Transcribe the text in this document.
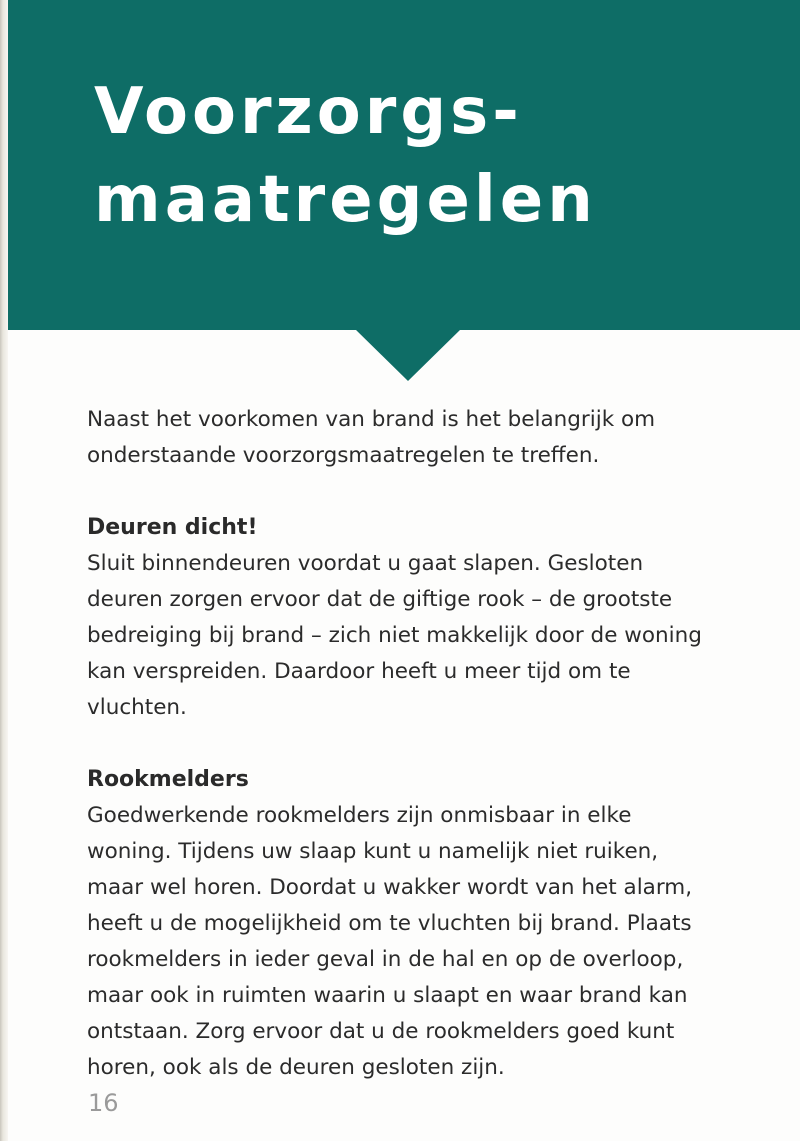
Voorzorgs-
maatregelen

Naast het voorkomen van brand is het belangrijk om
onderstaande voorzorgsmaatregelen te treffen.

Deuren dicht!

Sluit binnendeuren voordat u gaat slapen. Gesloten
deuren zorgen ervoor dat de giftige rook – de grootste
bedreiging bij brand – zich niet makkelijk door de woning
kan verspreiden. Daardoor heeft u meer tijd om te
vluchten.

Rookmelders

Goedwerkende rookmelders zijn onmisbaar in elke
woning. Tijdens uw slaap kunt u namelijk niet ruiken,
maar wel horen. Doordat u wakker wordt van het alarm,
heeft u de mogelijkheid om te vluchten bij brand. Plaats
rookmelders in ieder geval in de hal en op de overloop,
maar ook in ruimten waarin u slaapt en waar brand kan
ontstaan. Zorg ervoor dat u de rookmelders goed kunt
horen, ook als de deuren gesloten zijn.

16
